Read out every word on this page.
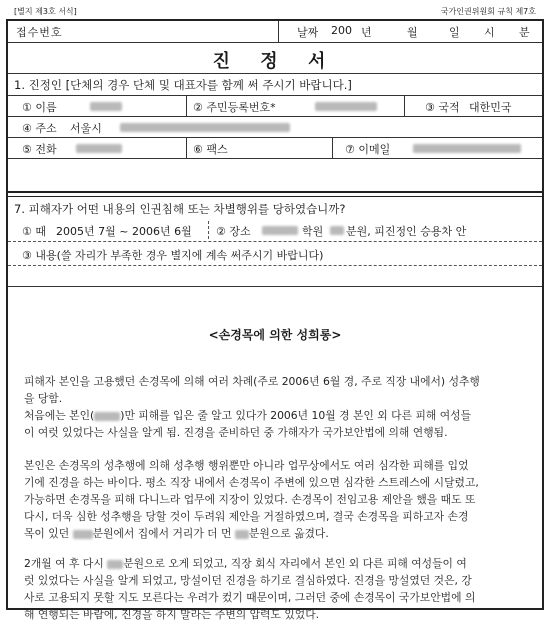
[별지 제3호 서식]	국가인권위원회 규칙 제7호
접수번호	날짜 200 년	월	일 시 분
진 정 서
1. 진정인 [단체의 경우 단체 및 대표자를 함께 써 주시기 바랍니다.]
① 이름	② 주민등록번호*	③ 국적 대한민국
④ 주소 서울시
⑤ 전화	⑥ 팩스	⑦ 이메일
7. 피해자가 어떤 내용의 인권침해 또는 차별행위를 당하였습니까?
① 때 2005년 7월 ~ 2006년 6월 ② 장소	학원 분원, 피진정인 승용차 안
③ 내용(쓸 자리가 부족한 경우 별지에 계속 써주시기 바랍니다)
<손경목에 의한 성희롱>
피해자 본인을 고용했던 손경목에 의해 여러 차례(주로 2006년 6월 경, 주로 직장 내에서) 성추행
을 당함.
처음에는 본인( )만 피해를 입은 줄 알고 있다가 2006년 10월 경 본인 외 다른 피해 여성들
이 여럿 있었다는 사실을 알게 됨. 진경을 준비하던 중 가해자가 국가보안법에 의해 연행됨.
본인은 손경목의 성추행에 의해 성추행 행위뿐만 아니라 업무상에서도 여러 심각한 피해를 입었
기에 진경을 하는 바이다. 평소 직장 내에서 손경목이 주변에 있으면 심각한 스트레스에 시달렸고,
가능하면 손경목을 피해 다니느라 업무에 지장이 있었다. 손경목이 전임고용 제안을 했을 때도 또
다시, 더욱 심한 성추행을 당할 것이 두려워 제안을 거절하였으며, 결국 손경목을 피하고자 손경
목이 있던 분원에서 집에서 거리가 더 먼 분원으로 옮겼다.
2개월 여 후 다시 분원으로 오게 되었고, 직장 회식 자리에서 본인 외 다른 피해 여성들이 여
럿 있었다는 사실을 알게 되었고, 망설이던 진경을 하기로 결심하였다. 진경을 망설였던 것은, 강
사로 고용되지 못할 지도 모른다는 우려가 컸기 때문이며, 그러던 중에 손경목이 국가보안법에 의
해 연행되는 바람에, 진경을 하지 말라는 주변의 압력도 있었다.
